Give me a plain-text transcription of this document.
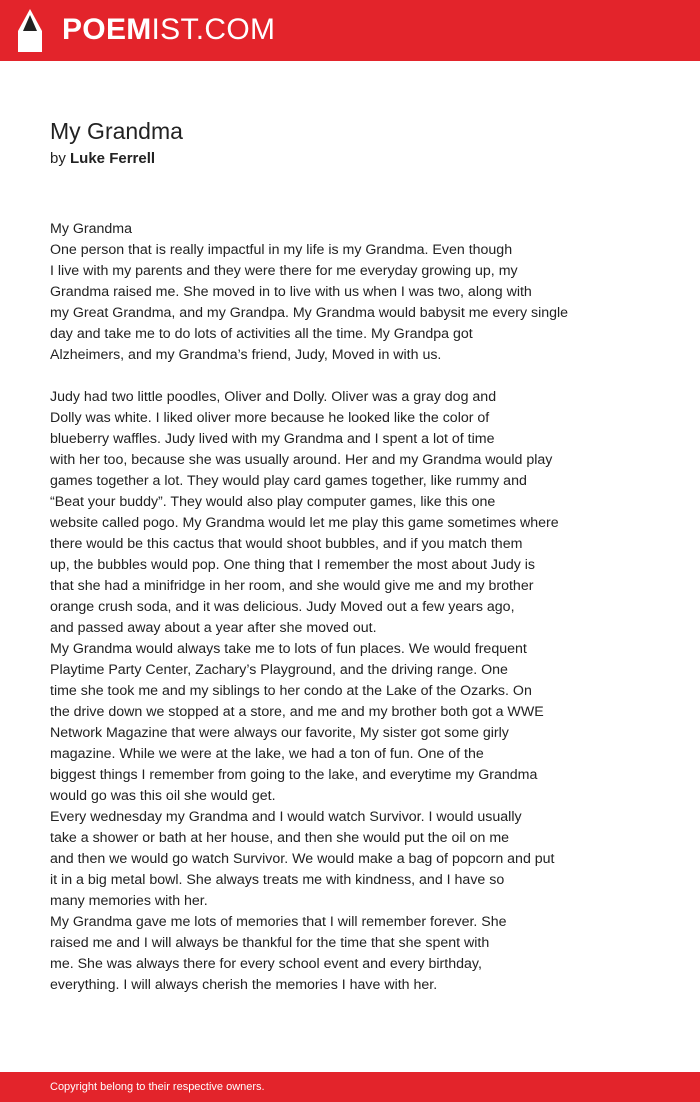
POEMIST.COM
My Grandma
by Luke Ferrell
My Grandma
One person that is really impactful in my life is my Grandma. Even though
I live with my parents and they were there for me everyday growing up, my
Grandma raised me. She moved in to live with us when I was two, along with
my Great Grandma, and my Grandpa. My Grandma would babysit me every single
day and take me to do lots of activities all the time. My Grandpa got
Alzheimers, and my Grandma’s friend, Judy, Moved in with us.
Judy had two little poodles, Oliver and Dolly. Oliver was a gray dog and
Dolly was white. I liked oliver more because he looked like the color of
blueberry waffles. Judy lived with my Grandma and I spent a lot of time
with her too, because she was usually around. Her and my Grandma would play
games together a lot. They would play card games together, like rummy and
“Beat your buddy”. They would also play computer games, like this one
website called pogo. My Grandma would let me play this game sometimes where
there would be this cactus that would shoot bubbles, and if you match them
up, the bubbles would pop. One thing that I remember the most about Judy is
that she had a minifridge in her room, and she would give me and my brother
orange crush soda, and it was delicious. Judy Moved out a few years ago,
and passed away about a year after she moved out.
My Grandma would always take me to lots of fun places. We would frequent
Playtime Party Center, Zachary’s Playground, and the driving range. One
time she took me and my siblings to her condo at the Lake of the Ozarks. On
the drive down we stopped at a store, and me and my brother both got a WWE
Network Magazine that were always our favorite, My sister got some girly
magazine. While we were at the lake, we had a ton of fun. One of the
biggest things I remember from going to the lake, and everytime my Grandma
would go was this oil she would get.
Every wednesday my Grandma and I would watch Survivor. I would usually
take a shower or bath at her house, and then she would put the oil on me
and then we would go watch Survivor. We would make a bag of popcorn and put
it in a big metal bowl. She always treats me with kindness, and I have so
many memories with her.
My Grandma gave me lots of memories that I will remember forever. She
raised me and I will always be thankful for the time that she spent with
me. She was always there for every school event and every birthday,
everything. I will always cherish the memories I have with her.
Copyright belong to their respective owners.
